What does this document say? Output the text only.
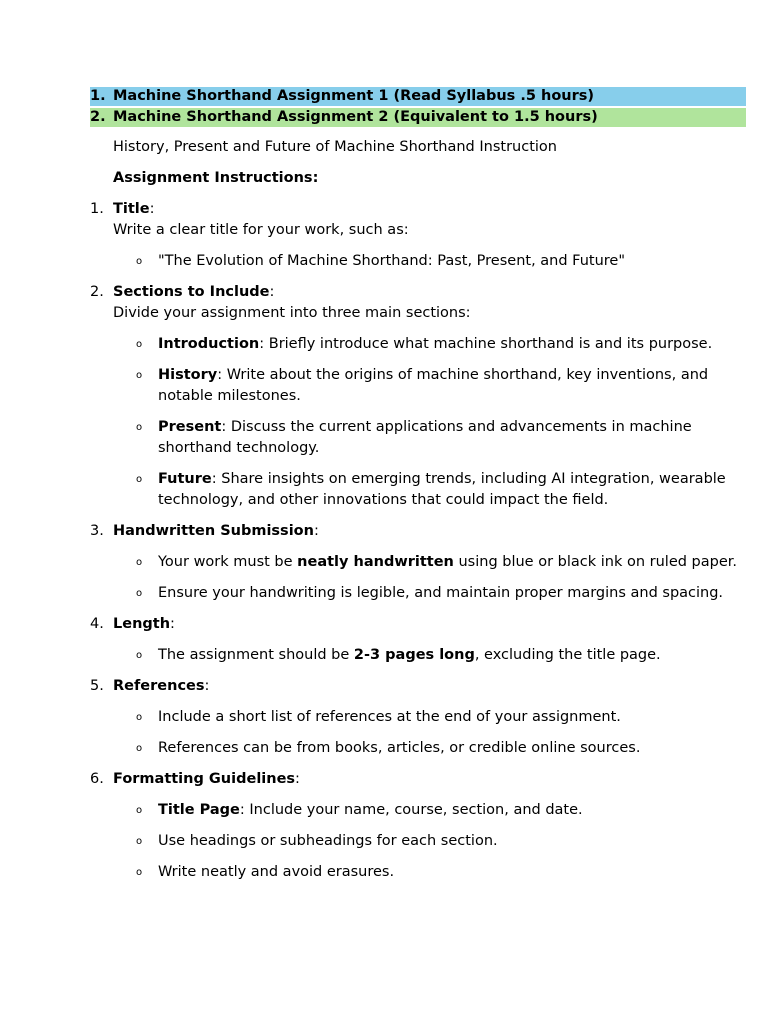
1. Machine Shorthand Assignment 1 (Read Syllabus .5 hours)
2. Machine Shorthand Assignment 2 (Equivalent to 1.5 hours)
History, Present and Future of Machine Shorthand Instruction
Assignment Instructions:
1. Title:
Write a clear title for your work, such as:
o "The Evolution of Machine Shorthand: Past, Present, and Future"
2. Sections to Include:
Divide your assignment into three main sections:
o Introduction: Briefly introduce what machine shorthand is and its purpose.
o History: Write about the origins of machine shorthand, key inventions, and notable milestones.
o Present: Discuss the current applications and advancements in machine shorthand technology.
o Future: Share insights on emerging trends, including AI integration, wearable technology, and other innovations that could impact the field.
3. Handwritten Submission:
o Your work must be neatly handwritten using blue or black ink on ruled paper.
o Ensure your handwriting is legible, and maintain proper margins and spacing.
4. Length:
o The assignment should be 2-3 pages long, excluding the title page.
5. References:
o Include a short list of references at the end of your assignment.
o References can be from books, articles, or credible online sources.
6. Formatting Guidelines:
o Title Page: Include your name, course, section, and date.
o Use headings or subheadings for each section.
o Write neatly and avoid erasures.
